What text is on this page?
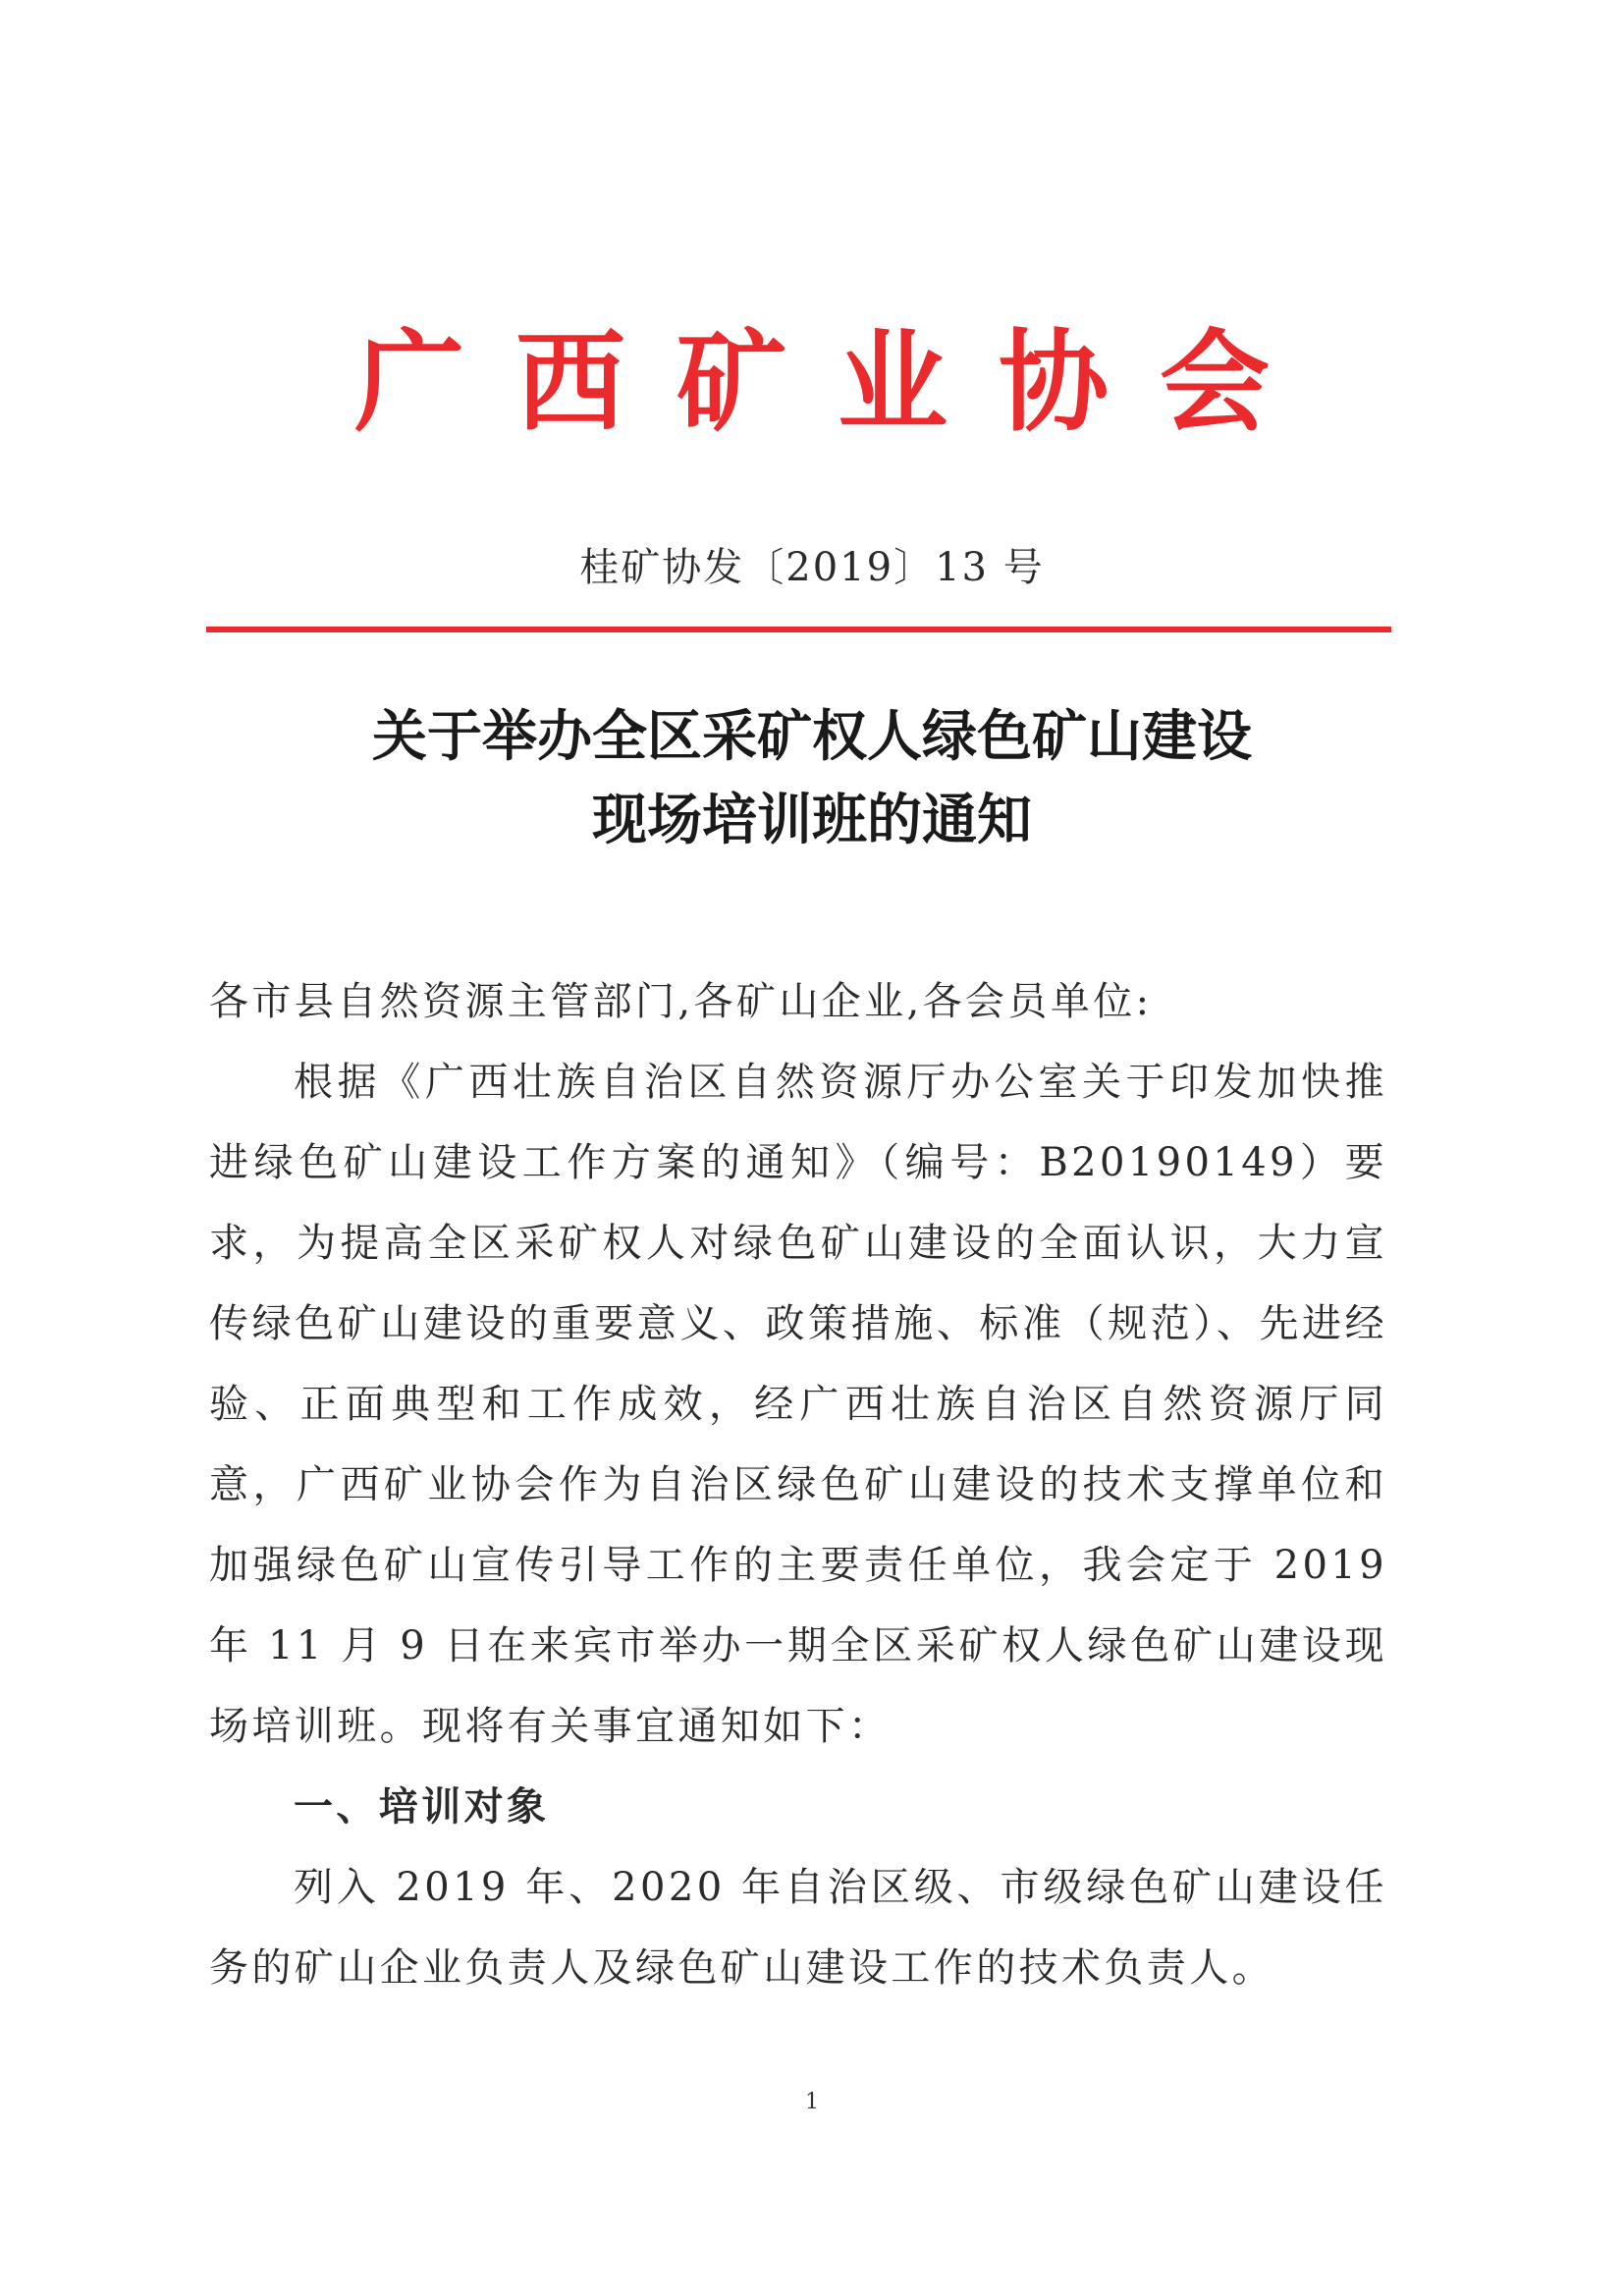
广西矿业协会
桂矿协发〔2019〕13 号
关于举办全区采矿权人绿色矿山建设
现场培训班的通知

各市县自然资源主管部门,各矿山企业,各会员单位:

根据《广西壮族自治区自然资源厅办公室关于印发加快推进绿色矿山建设工作方案的通知》（编号：B20190149）要求，为提高全区采矿权人对绿色矿山建设的全面认识，大力宣传绿色矿山建设的重要意义、政策措施、标准（规范）、先进经验、正面典型和工作成效，经广西壮族自治区自然资源厅同意，广西矿业协会作为自治区绿色矿山建设的技术支撑单位和加强绿色矿山宣传引导工作的主要责任单位，我会定于 2019 年 11 月 9 日在来宾市举办一期全区采矿权人绿色矿山建设现场培训班。现将有关事宜通知如下：

一、培训对象

列入 2019 年、2020 年自治区级、市级绿色矿山建设任务的矿山企业负责人及绿色矿山建设工作的技术负责人。

1
